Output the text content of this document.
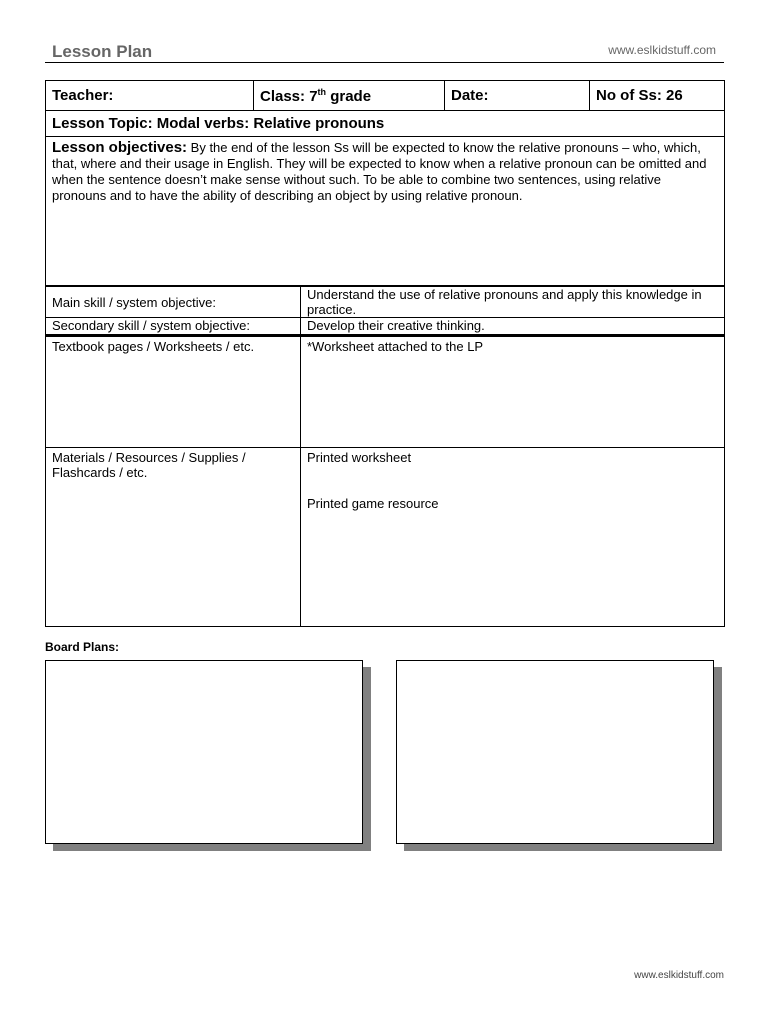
Lesson Plan	www.eslkidstuff.com
Teacher:	Class: 7th grade	Date:	No of Ss: 26
Lesson Topic: Modal verbs: Relative pronouns
Lesson objectives: By the end of the lesson Ss will be expected to know the relative pronouns – who, which, that, where and their usage in English. They will be expected to know when a relative pronoun can be omitted and when the sentence doesn’t make sense without such. To be able to combine two sentences, using relative pronouns and to have the ability of describing an object by using relative pronoun.
Main skill / system objective:	Understand the use of relative pronouns and apply this knowledge in practice.
Secondary skill / system objective:	Develop their creative thinking.
Textbook pages / Worksheets / etc.	*Worksheet attached to the LP
Materials / Resources / Supplies / Flashcards / etc.	Printed worksheet
Printed game resource
Board Plans:
www.eslkidstuff.com
